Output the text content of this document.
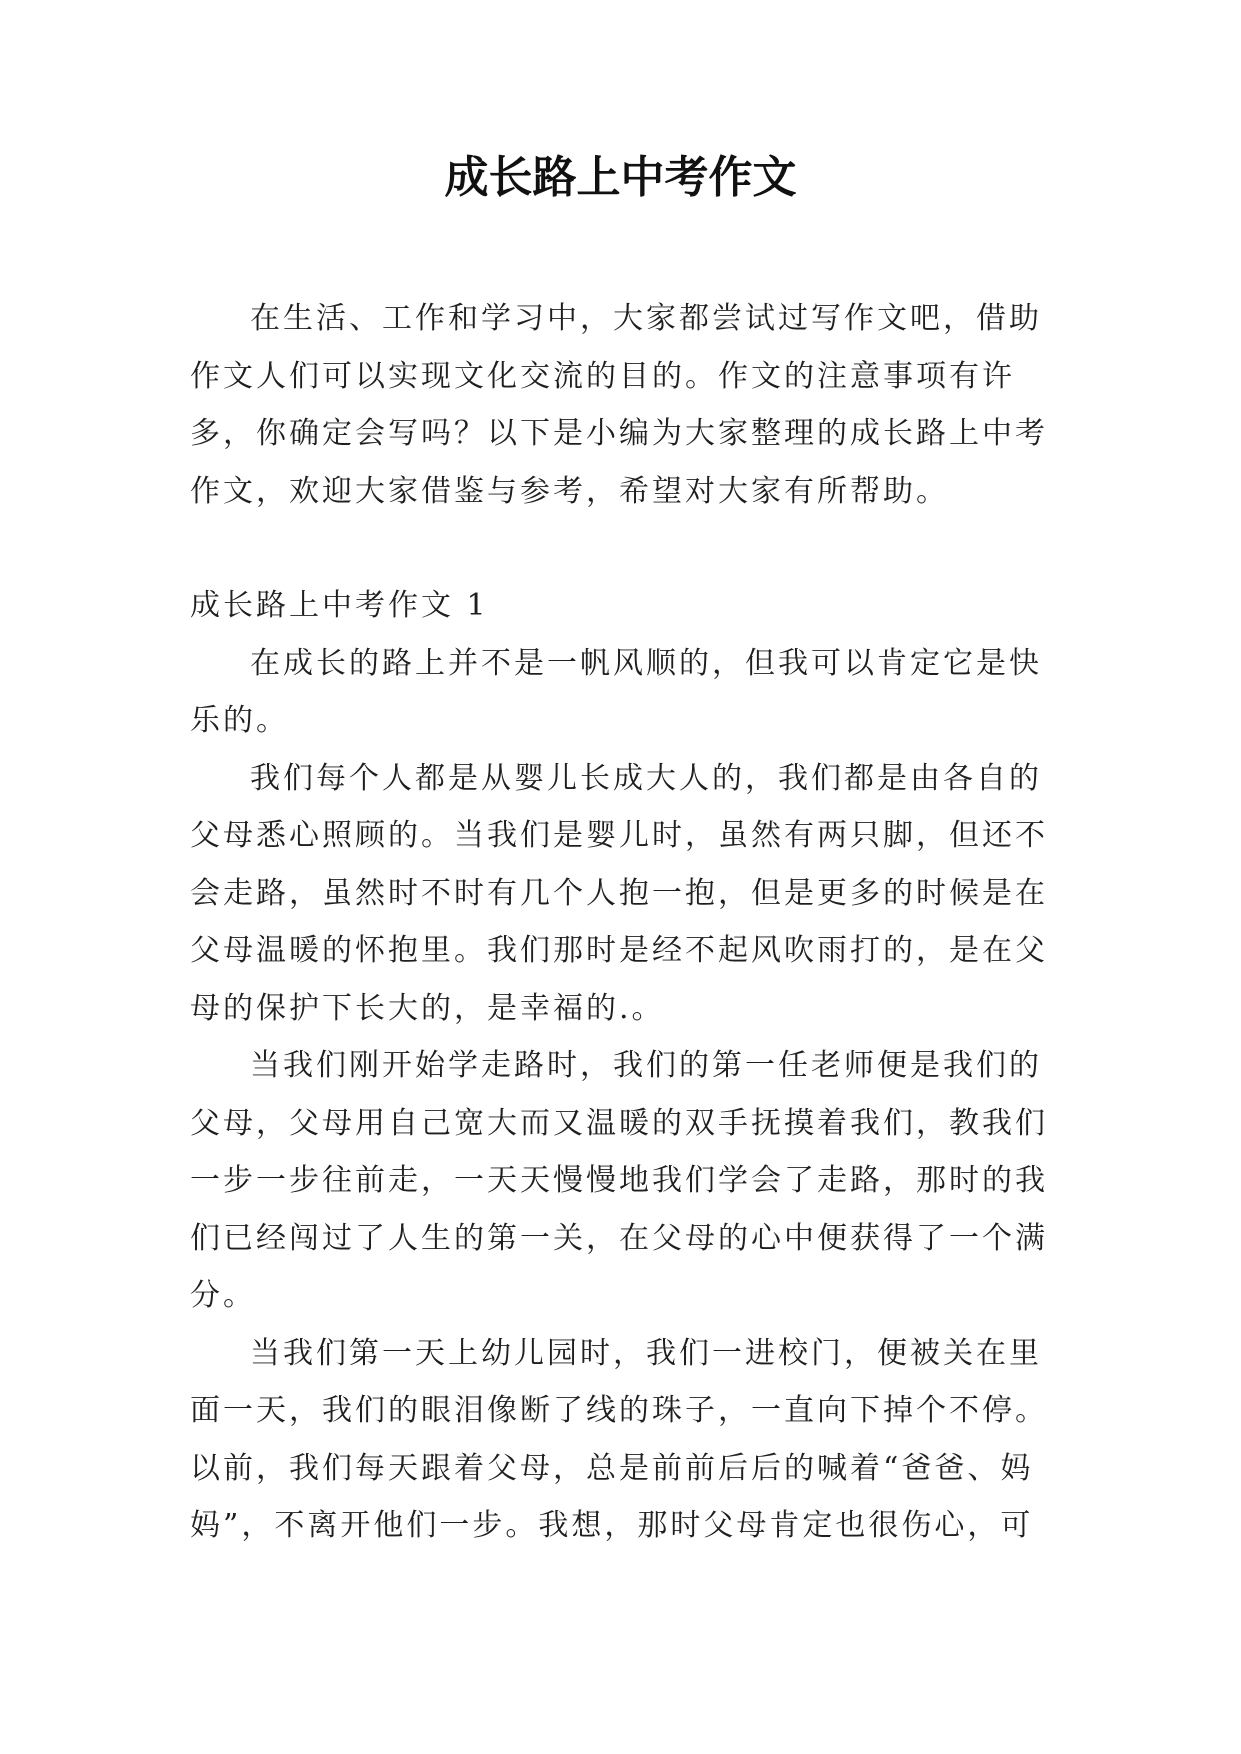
成长路上中考作文

在生活、工作和学习中，大家都尝试过写作文吧，借助作文人们可以实现文化交流的目的。作文的注意事项有许多，你确定会写吗？以下是小编为大家整理的成长路上中考作文，欢迎大家借鉴与参考，希望对大家有所帮助。

成长路上中考作文 1

在成长的路上并不是一帆风顺的，但我可以肯定它是快乐的。

我们每个人都是从婴儿长成大人的，我们都是由各自的父母悉心照顾的。当我们是婴儿时，虽然有两只脚，但还不会走路，虽然时不时有几个人抱一抱，但是更多的时候是在父母温暖的怀抱里。我们那时是经不起风吹雨打的，是在父母的保护下长大的，是幸福的.。

当我们刚开始学走路时，我们的第一任老师便是我们的父母，父母用自己宽大而又温暖的双手抚摸着我们，教我们一步一步往前走，一天天慢慢地我们学会了走路，那时的我们已经闯过了人生的第一关，在父母的心中便获得了一个满分。

当我们第一天上幼儿园时，我们一进校门，便被关在里面一天，我们的眼泪像断了线的珠子，一直向下掉个不停。以前，我们每天跟着父母，总是前前后后的喊着“爸爸、妈妈”，不离开他们一步。我想，那时父母肯定也很伤心，可
